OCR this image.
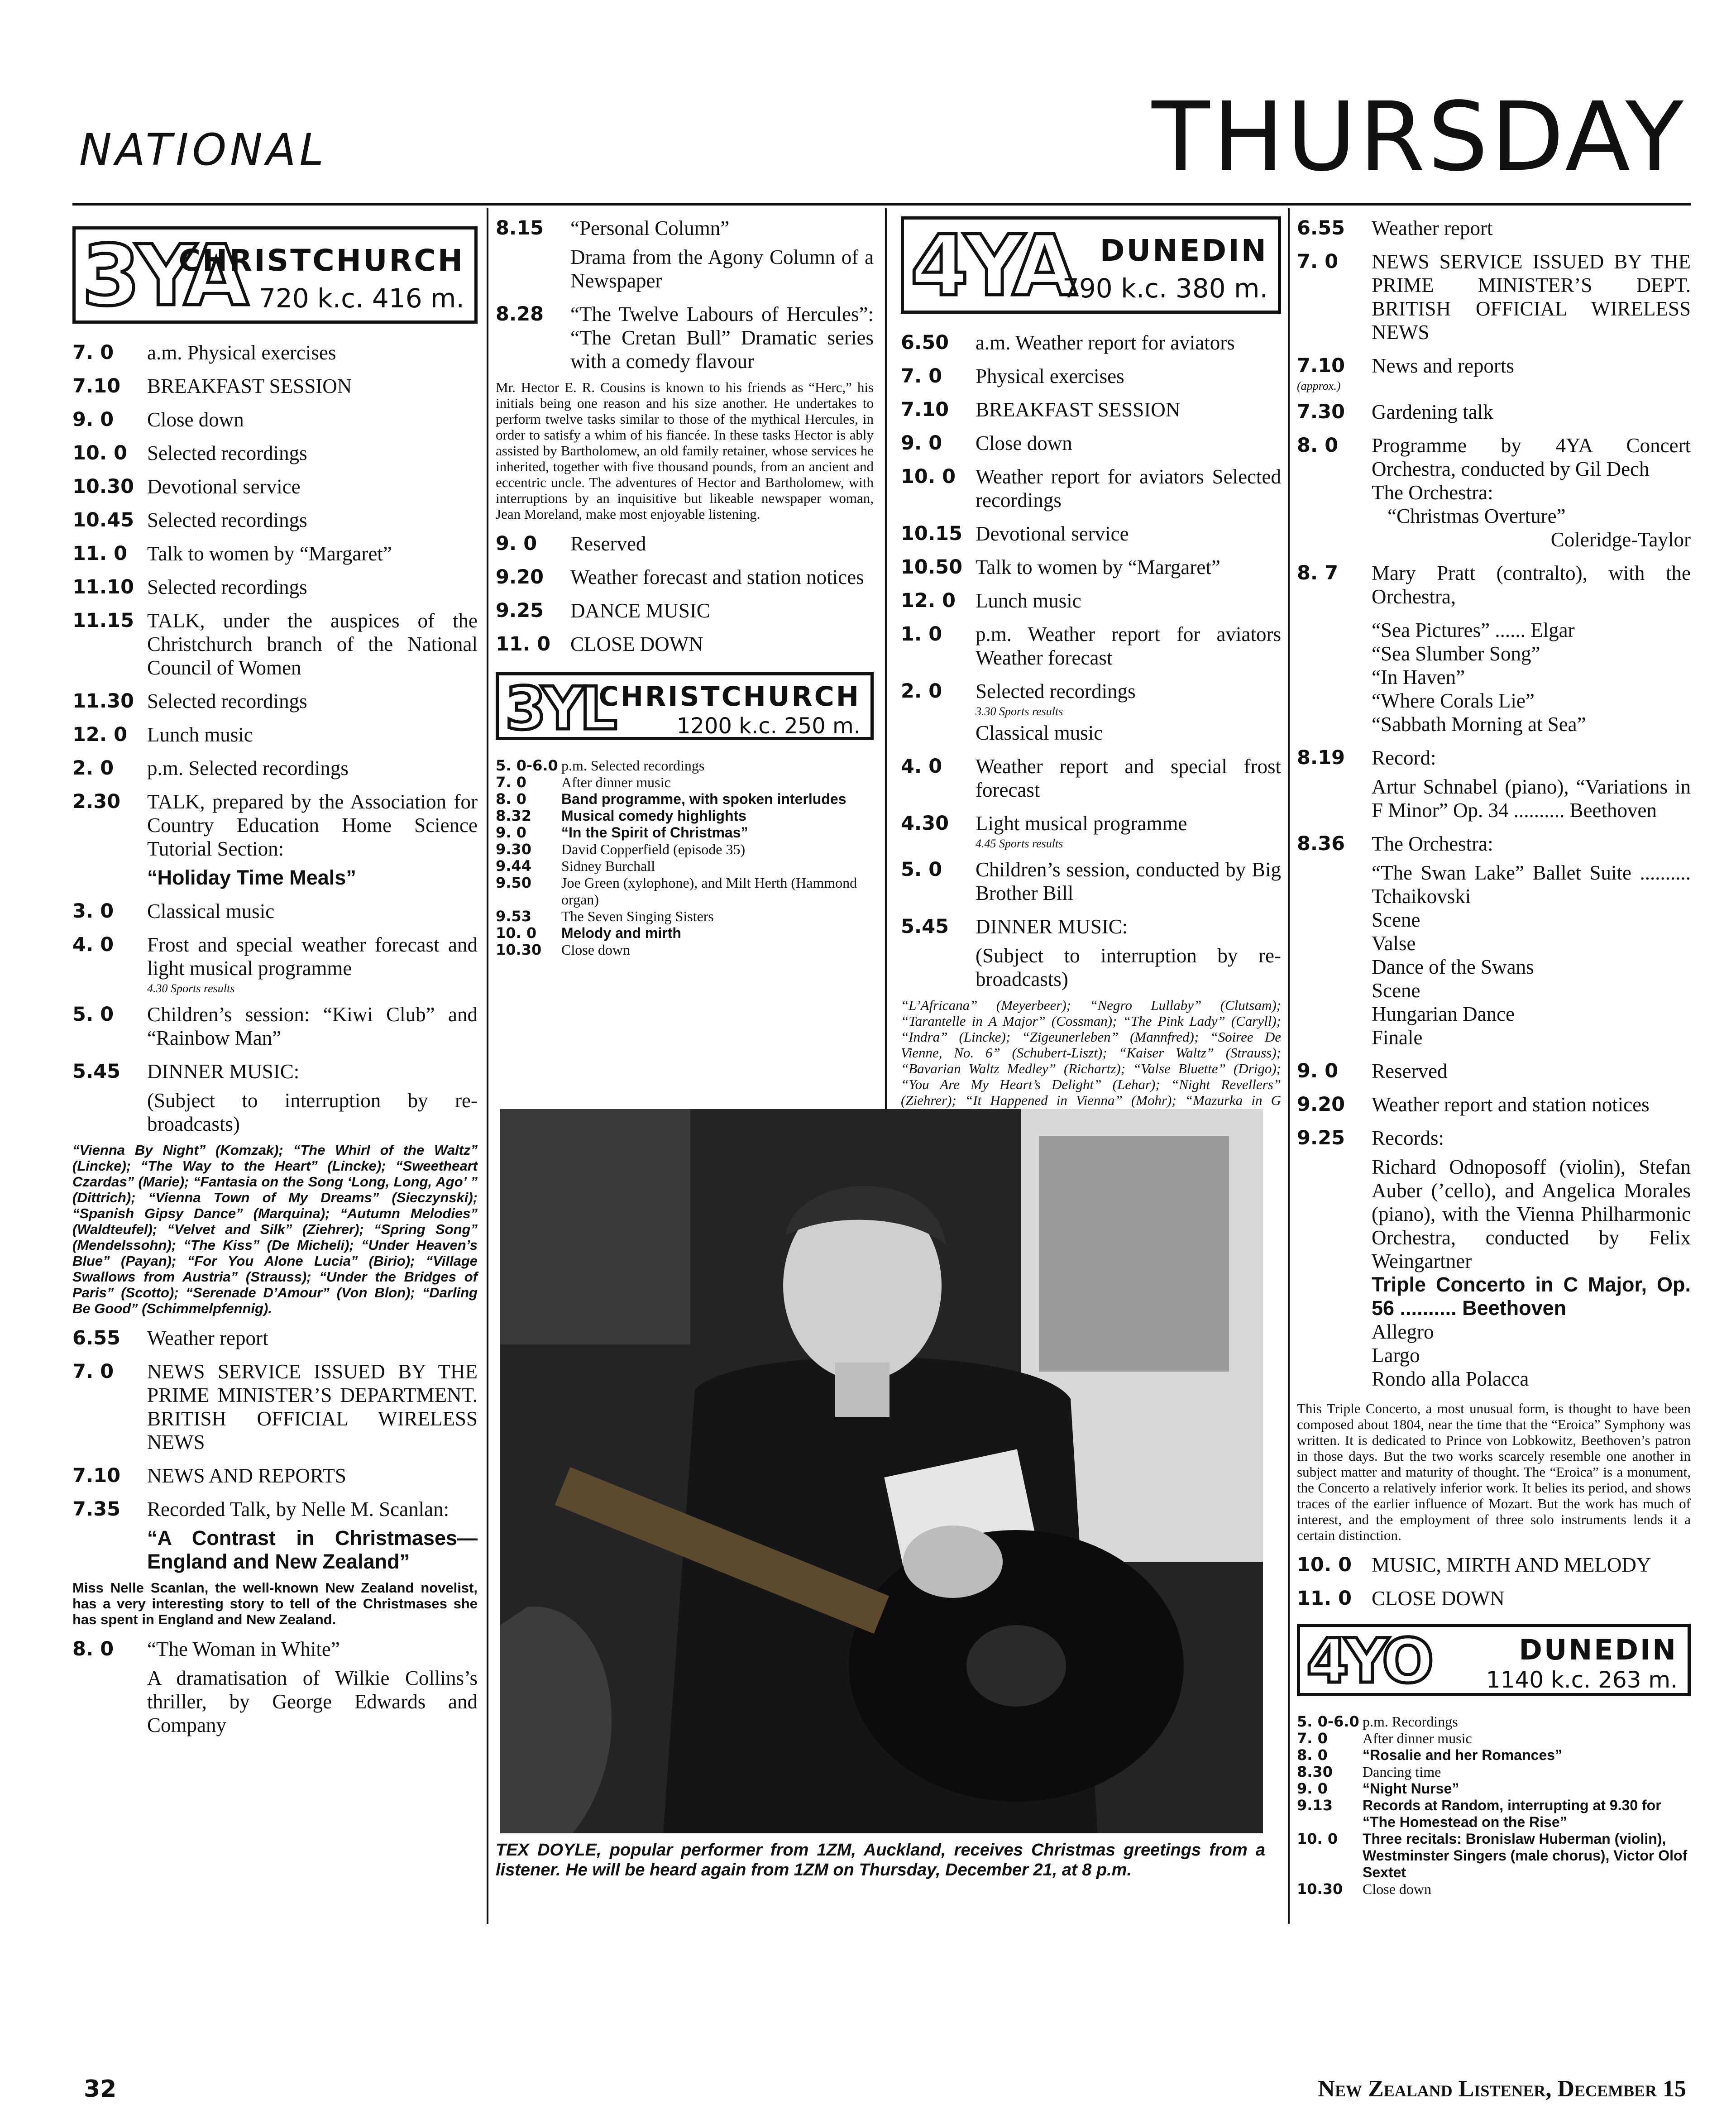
NATIONAL	THURSDAY
3YA
CHRISTCHURCH
720 k.c. 416 m.
7. 0	a.m. Physical exercises
7.10	BREAKFAST SESSION
9. 0	Close down
10. 0 Selected recordings
10.30 Devotional service
10.45 Selected recordings
11. 0 Talk to women by “Margaret”
11.10 Selected recordings
11.15 TALK, under the auspices of the Christchurch branch of the National Council of Women
11.30 Selected recordings
12. 0 Lunch music
2. 0	p.m. Selected recordings
2.30	TALK, prepared by the Association for Country Education Home Science Tutorial Section:
“Holiday Time Meals”
3. 0	Classical music
4. 0	Frost and special weather forecast and light musical programme
4.30 Sports results
5. 0	Children’s session: “Kiwi Club” and “Rainbow Man”
5.45	DINNER MUSIC:
(Subject to interruption by re-broadcasts)
“Vienna By Night” (Komzak); “The Whirl of the Waltz” (Lincke); “The Way to the Heart” (Lincke); “Sweetheart Czardas” (Marie); “Fantasia on the Song ‘Long, Long, Ago’ ” (Dittrich); “Vienna Town of My Dreams” (Sieczynski); “Spanish Gipsy Dance” (Marquina); “Autumn Melodies” (Waldteufel); “Velvet and Silk” (Ziehrer); “Spring Song” (Mendelssohn); “The Kiss” (De Micheli); “Under Heaven’s Blue” (Payan); “For You Alone Lucia” (Birio); “Village Swallows from Austria” (Strauss); “Under the Bridges of Paris” (Scotto); “Serenade D’Amour” (Von Blon); “Darling Be Good” (Schimmelpfennig).
6.55	Weather report
7. 0	NEWS SERVICE ISSUED BY THE PRIME MINISTER’S DEPARTMENT. BRITISH OFFICIAL WIRELESS NEWS
7.10	NEWS AND REPORTS
7.35	Recorded Talk, by Nelle M. Scanlan:
“A Contrast in Christmases—England and New Zealand”
Miss Nelle Scanlan, the well-known New Zealand novelist, has a very interesting story to tell of the Christmases she has spent in England and New Zealand.
8. 0	“The Woman in White”
A dramatisation of Wilkie Collins’s thriller, by George Edwards and Company
8.15	“Personal Column”
Drama from the Agony Column of a Newspaper
8.28	“The Twelve Labours of Hercules”: “The Cretan Bull” Dramatic series with a comedy flavour
Mr. Hector E. R. Cousins is known to his friends as “Herc,” his initials being one reason and his size another. He undertakes to perform twelve tasks similar to those of the mythical Hercules, in order to satisfy a whim of his fiancée. In these tasks Hector is ably assisted by Bartholomew, an old family retainer, whose services he inherited, together with five thousand pounds, from an ancient and eccentric uncle. The adventures of Hector and Bartholomew, with interruptions by an inquisitive but likeable newspaper woman, Jean Moreland, make most enjoyable listening.
9. 0	Reserved
9.20	Weather forecast and station notices
9.25	DANCE MUSIC
11. 0 CLOSE DOWN
3YL
CHRISTCHURCH
1200 k.c. 250 m.
5. 0-6.0 p.m. Selected recordings
7. 0	After dinner music
8. 0	Band programme, with spoken interludes
8.32	Musical comedy highlights
9. 0	“In the Spirit of Christmas”
9.30	David Copperfield (episode 35)
9.44	Sidney Burchall
9.50	Joe Green (xylophone), and Milt Herth (Hammond organ)
9.53	The Seven Singing Sisters
10. 0	Melody and mirth
10.30	Close down
4YA DUNEDIN
790 k.c. 380 m.
6.50	a.m. Weather report for aviators
7. 0	Physical exercises
7.10	BREAKFAST SESSION
9. 0	Close down
10. 0 Weather report for aviators Selected recordings
10.15 Devotional service
10.50 Talk to women by “Margaret”
12. 0 Lunch music
1. 0	p.m. Weather report for aviators Weather forecast
2. 0	Selected recordings
3.30 Sports results
Classical music
4. 0	Weather report and special frost forecast
4.30	Light musical programme
4.45 Sports results
5. 0	Children’s session, conducted by Big Brother Bill
5.45	DINNER MUSIC:
(Subject to interruption by re-broadcasts)
“L’Africana” (Meyerbeer); “Negro Lullaby” (Clutsam); “Tarantelle in A Major” (Cossman); “The Pink Lady” (Caryll); “Indra” (Lincke); “Zigeunerleben” (Mannfred); “Soiree De Vienne, No. 6” (Schubert-Liszt); “Kaiser Waltz” (Strauss); “Bavarian Waltz Medley” (Richartz); “Valse Bluette” (Drigo); “You Are My Heart’s Delight” (Lehar); “Night Revellers” (Ziehrer); “It Happened in Vienna” (Mohr); “Mazurka in G
6.55	Weather report
7. 0	NEWS SERVICE ISSUED BY THE PRIME MINISTER’S DEPT. BRITISH OFFICIAL WIRELESS NEWS
7.10	News and reports
(approx.)
7.30	Gardening talk
8. 0	Programme by 4YA Concert Orchestra, conducted by Gil Dech
The Orchestra:
“Christmas Overture”
Coleridge-Taylor
8. 7	Mary Pratt (contralto), with the Orchestra,
“Sea Pictures” ...... Elgar
“Sea Slumber Song”
“In Haven”
“Where Corals Lie”
“Sabbath Morning at Sea”
8.19	Record:
Artur Schnabel (piano), “Variations in F Minor” Op. 34 .......... Beethoven
8.36	The Orchestra:
“The Swan Lake” Ballet Suite .......... Tchaikovski
Scene
Valse
Dance of the Swans
Scene
Hungarian Dance
Finale
9. 0	Reserved
9.20	Weather report and station notices
9.25	Records:
Richard Odnoposoff (violin), Stefan Auber (’cello), and Angelica Morales (piano), with the Vienna Philharmonic Orchestra, conducted by Felix Weingartner
Triple Concerto in C Major, Op. 56 .......... Beethoven
Allegro
Largo
Rondo alla Polacca
This Triple Concerto, a most unusual form, is thought to have been composed about 1804, near the time that the “Eroica” Symphony was written. It is dedicated to Prince von Lobkowitz, Beethoven’s patron in those days. But the two works scarcely resemble one another in subject matter and maturity of thought. The “Eroica” is a monument, the Concerto a relatively inferior work. It belies its period, and shows traces of the earlier influence of Mozart. But the work has much of interest, and the employment of three solo instruments lends it a certain distinction.
10. 0 MUSIC, MIRTH AND MELODY
11. 0 CLOSE DOWN
4YO	DUNEDIN
1140 k.c. 263 m.
5. 0-6.0 p.m. Recordings
7. 0	After dinner music
8. 0	“Rosalie and her Romances”
8.30	Dancing time
9. 0	“Night Nurse”
9.13	Records at Random, interrupting at 9.30 for “The Homestead on the Rise”
10. 0	Three recitals: Bronislaw Huberman (violin), Westminster Singers (male chorus), Victor Olof Sextet
10.30	Close down
TEX DOYLE, popular performer from 1ZM, Auckland, receives Christmas greetings from a listener. He will be heard again from 1ZM on Thursday, December 21, at 8 p.m.
32	New Zealand Listener, December 15
